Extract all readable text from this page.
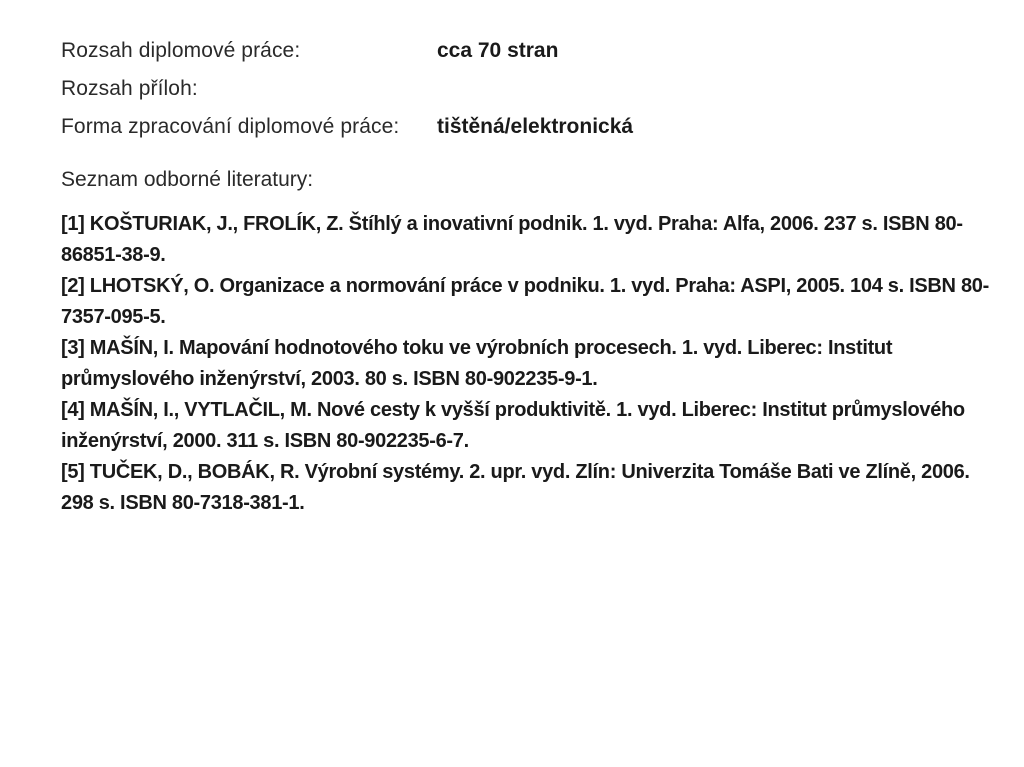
Rozsah diplomové práce:	cca 70 stran
Rozsah příloh:
Forma zpracování diplomové práce:	tištěná/elektronická
Seznam odborné literatury:
[1] KOŠTURIAK, J., FROLÍK, Z. Štíhlý a inovativní podnik. 1. vyd. Praha: Alfa, 2006. 237 s. ISBN 80-86851-38-9.
[2] LHOTSKÝ, O. Organizace a normování práce v podniku. 1. vyd. Praha: ASPI, 2005. 104 s. ISBN 80-7357-095-5.
[3] MAŠÍN, I. Mapování hodnotového toku ve výrobních procesech. 1. vyd. Liberec: Institut průmyslového inženýrství, 2003. 80 s. ISBN 80-902235-9-1.
[4] MAŠÍN, I., VYTLAČIL, M. Nové cesty k vyšší produktivitě. 1. vyd. Liberec: Institut průmyslového inženýrství, 2000. 311 s. ISBN 80-902235-6-7.
[5] TUČEK, D., BOBÁK, R. Výrobní systémy. 2. upr. vyd. Zlín: Univerzita Tomáše Bati ve Zlíně, 2006. 298 s. ISBN 80-7318-381-1.
